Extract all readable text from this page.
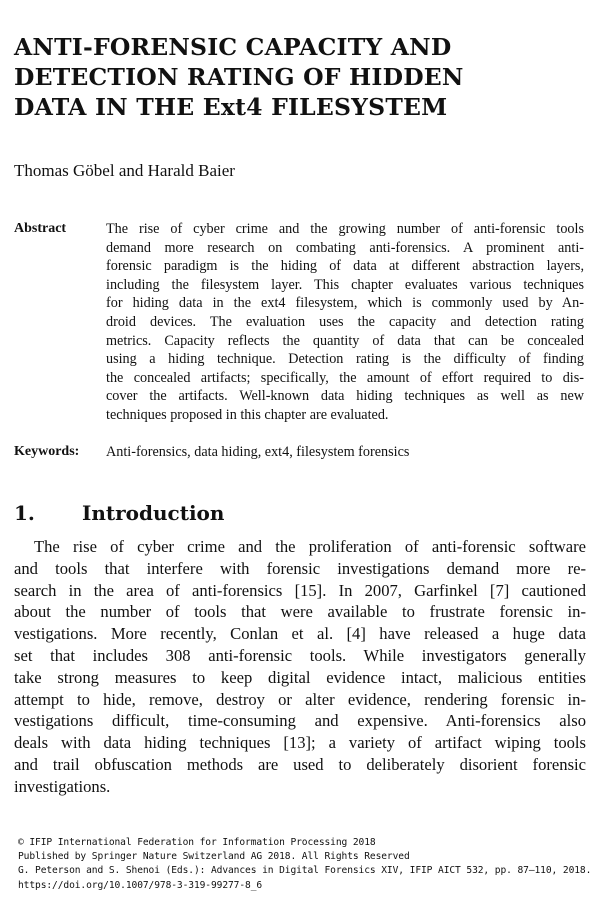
ANTI-FORENSIC CAPACITY AND
DETECTION RATING OF HIDDEN
DATA IN THE Ext4 FILESYSTEM
Thomas Göbel and Harald Baier
Abstract	The rise of cyber crime and the growing number of anti-forensic tools
demand more research on combating anti-forensics. A prominent anti-
forensic paradigm is the hiding of data at different abstraction layers,
including the filesystem layer. This chapter evaluates various techniques
for hiding data in the ext4 filesystem, which is commonly used by An-
droid devices. The evaluation uses the capacity and detection rating
metrics. Capacity reflects the quantity of data that can be concealed
using a hiding technique. Detection rating is the difficulty of finding
the concealed artifacts; specifically, the amount of effort required to dis-
cover the artifacts. Well-known data hiding techniques as well as new
techniques proposed in this chapter are evaluated.
Keywords: Anti-forensics, data hiding, ext4, filesystem forensics
1. Introduction
The rise of cyber crime and the proliferation of anti-forensic software
and tools that interfere with forensic investigations demand more re-
search in the area of anti-forensics [15]. In 2007, Garfinkel [7] cautioned
about the number of tools that were available to frustrate forensic in-
vestigations. More recently, Conlan et al. [4] have released a huge data
set that includes 308 anti-forensic tools. While investigators generally
take strong measures to keep digital evidence intact, malicious entities
attempt to hide, remove, destroy or alter evidence, rendering forensic in-
vestigations difficult, time-consuming and expensive. Anti-forensics also
deals with data hiding techniques [13]; a variety of artifact wiping tools
and trail obfuscation methods are used to deliberately disorient forensic
investigations.
© IFIP International Federation for Information Processing 2018
Published by Springer Nature Switzerland AG 2018. All Rights Reserved
G. Peterson and S. Shenoi (Eds.): Advances in Digital Forensics XIV, IFIP AICT 532, pp. 87–110, 2018.
https://doi.org/10.1007/978-3-319-99277-8_6
